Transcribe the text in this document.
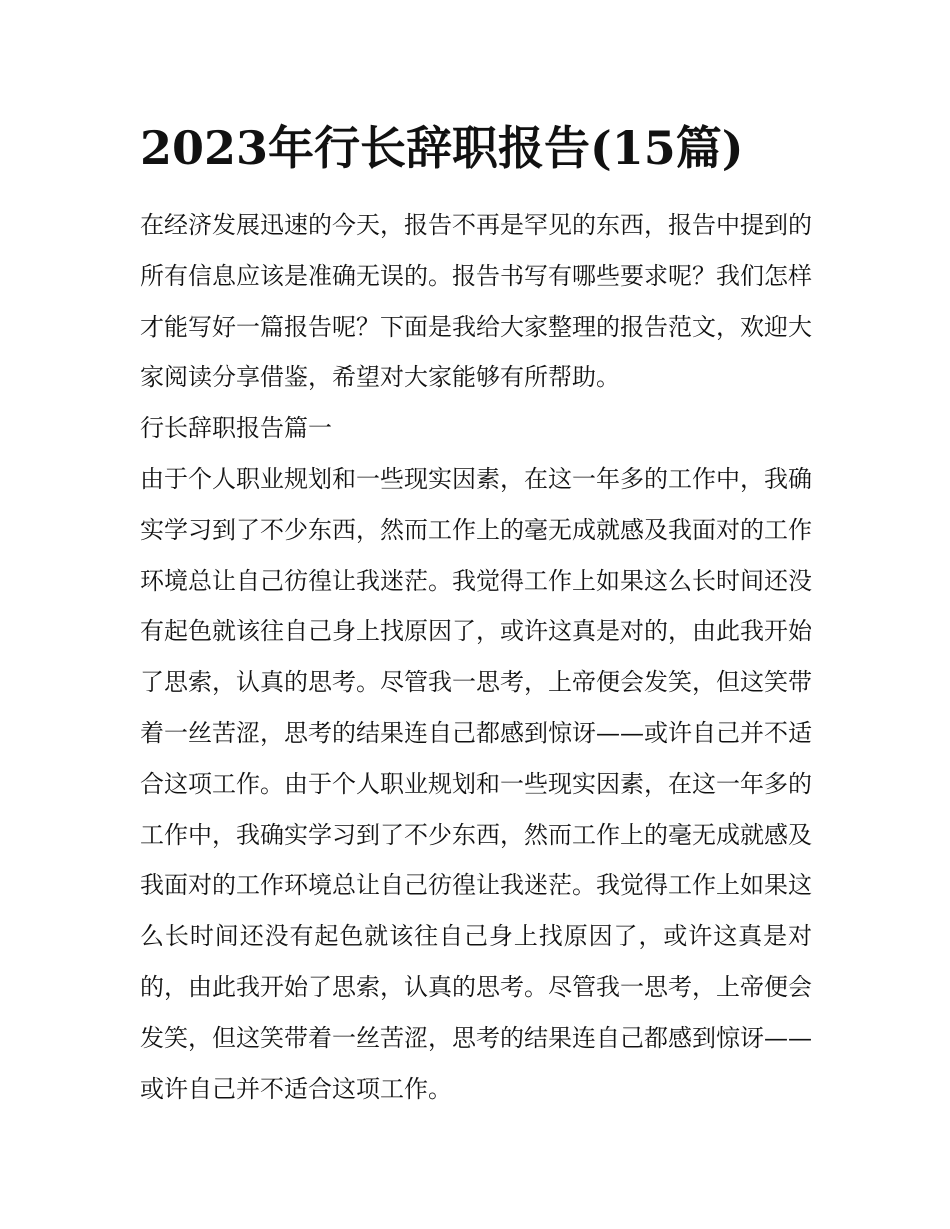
2023年行长辞职报告(15篇)

在经济发展迅速的今天，报告不再是罕见的东西，报告中提到的所有信息应该是准确无误的。报告书写有哪些要求呢？我们怎样才能写好一篇报告呢？下面是我给大家整理的报告范文，欢迎大家阅读分享借鉴，希望对大家能够有所帮助。

行长辞职报告篇一

由于个人职业规划和一些现实因素，在这一年多的工作中，我确实学习到了不少东西，然而工作上的毫无成就感及我面对的工作环境总让自己彷徨让我迷茫。我觉得工作上如果这么长时间还没有起色就该往自己身上找原因了，或许这真是对的，由此我开始了思索，认真的思考。尽管我一思考，上帝便会发笑，但这笑带着一丝苦涩，思考的结果连自己都感到惊讶——或许自己并不适合这项工作。由于个人职业规划和一些现实因素，在这一年多的工作中，我确实学习到了不少东西，然而工作上的毫无成就感及我面对的工作环境总让自己彷徨让我迷茫。我觉得工作上如果这么长时间还没有起色就该往自己身上找原因了，或许这真是对的，由此我开始了思索，认真的思考。尽管我一思考，上帝便会发笑，但这笑带着一丝苦涩，思考的结果连自己都感到惊讶——或许自己并不适合这项工作。
